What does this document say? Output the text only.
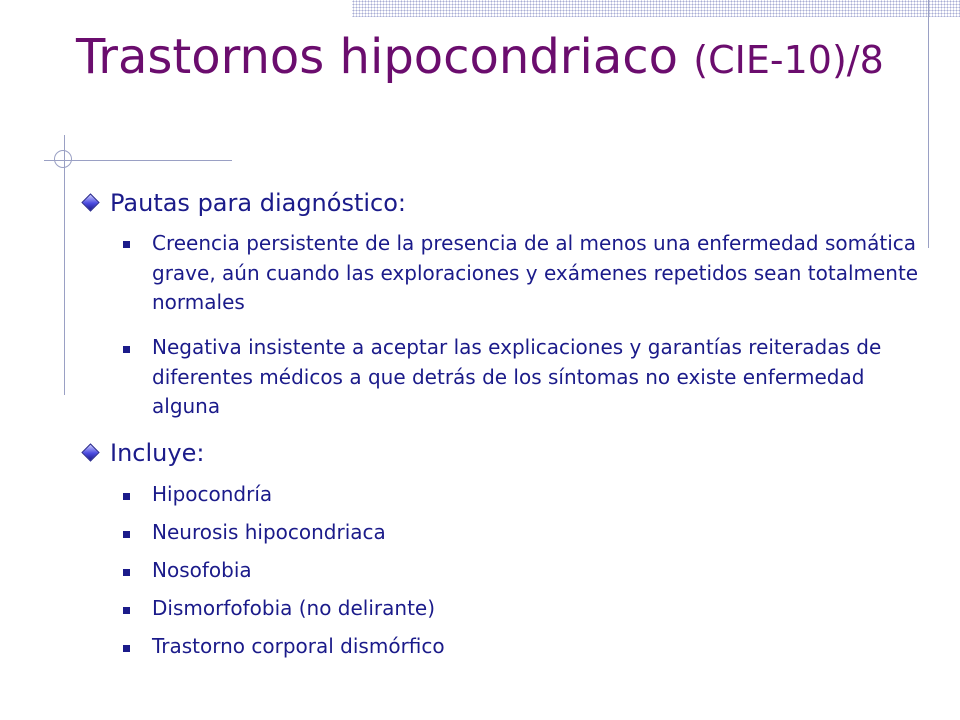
Trastornos hipocondriaco (CIE-10)/8
Pautas para diagnóstico:
Creencia persistente de la presencia de al menos una enfermedad somática grave, aún cuando las exploraciones y exámenes repetidos sean totalmente normales
Negativa insistente a aceptar las explicaciones y garantías reiteradas de diferentes médicos a que detrás de los síntomas no existe enfermedad alguna
Incluye:
Hipocondría
Neurosis hipocondriaca
Nosofobia
Dismorfofobia (no delirante)
Trastorno corporal dismórfico
